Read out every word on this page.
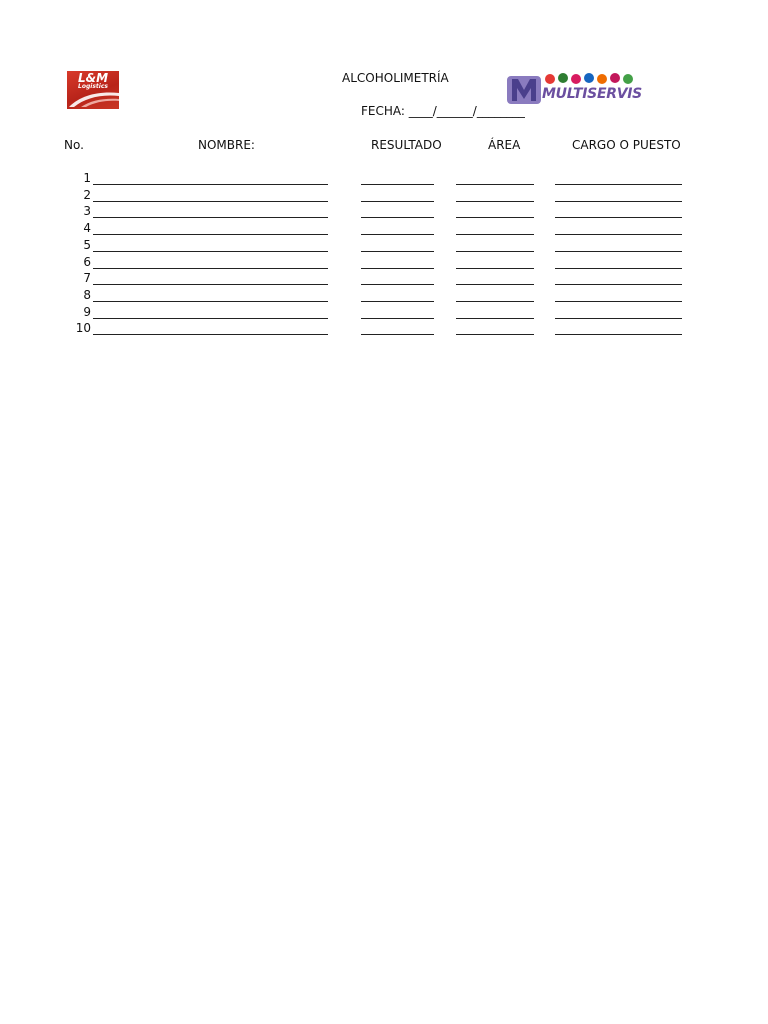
L&M
Logistics
ALCOHOLIMETRÍA
FECHA: ____/______/________
MULTISERVIS
No.	NOMBRE:	RESULTADO	ÁREA	CARGO O PUESTO
1
2
3
4
5
6
7
8
9
10
